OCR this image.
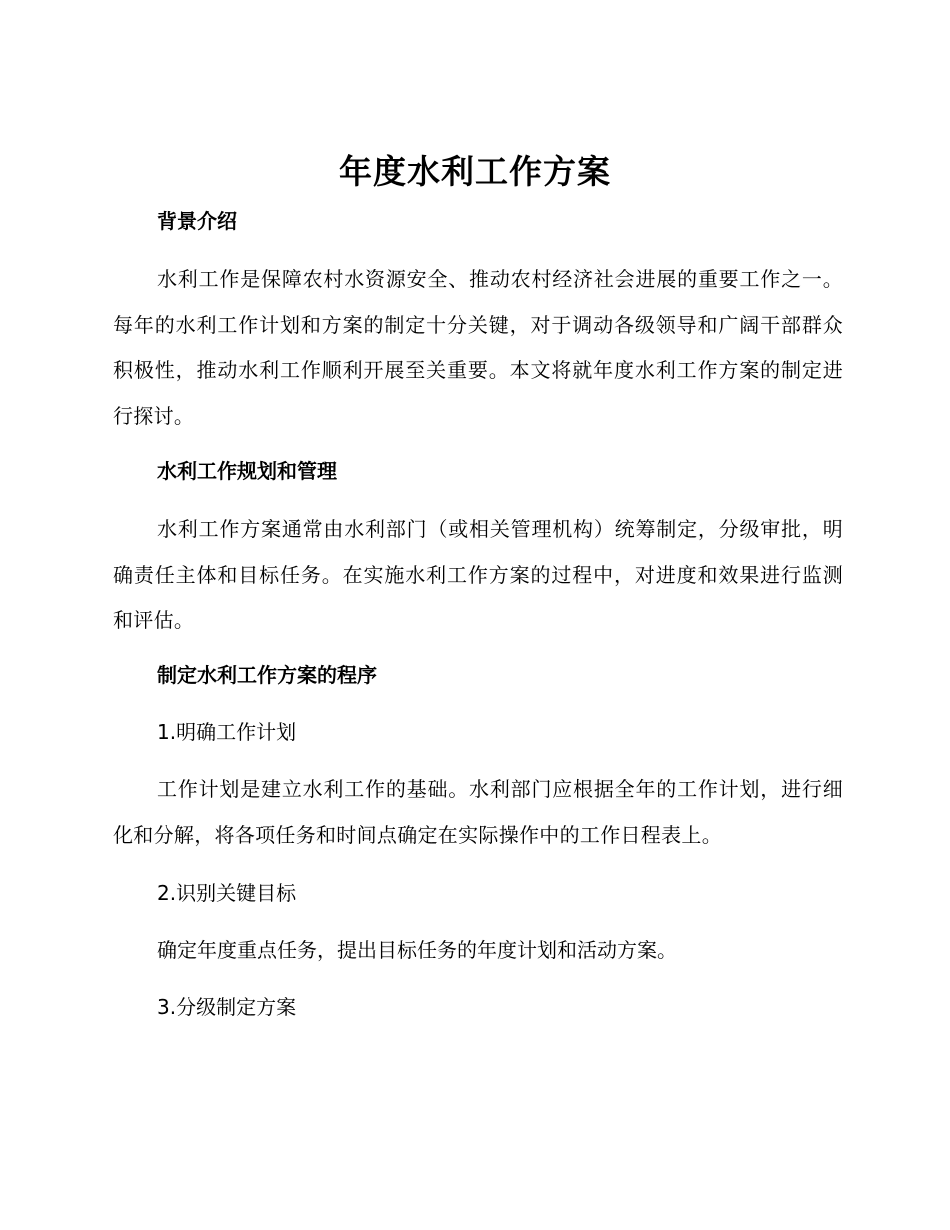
年度水利工作方案
背景介绍

水利工作是保障农村水资源安全、推动农村经济社会进展的重要工作之一。每年的水利工作计划和方案的制定十分关键，对于调动各级领导和广阔干部群众积极性，推动水利工作顺利开展至关重要。本文将就年度水利工作方案的制定进行探讨。

水利工作规划和管理

水利工作方案通常由水利部门（或相关管理机构）统筹制定，分级审批，明确责任主体和目标任务。在实施水利工作方案的过程中，对进度和效果进行监测和评估。

制定水利工作方案的程序

1.明确工作计划

工作计划是建立水利工作的基础。水利部门应根据全年的工作计划，进行细化和分解，将各项任务和时间点确定在实际操作中的工作日程表上。

2.识别关键目标

确定年度重点任务，提出目标任务的年度计划和活动方案。

3.分级制定方案
